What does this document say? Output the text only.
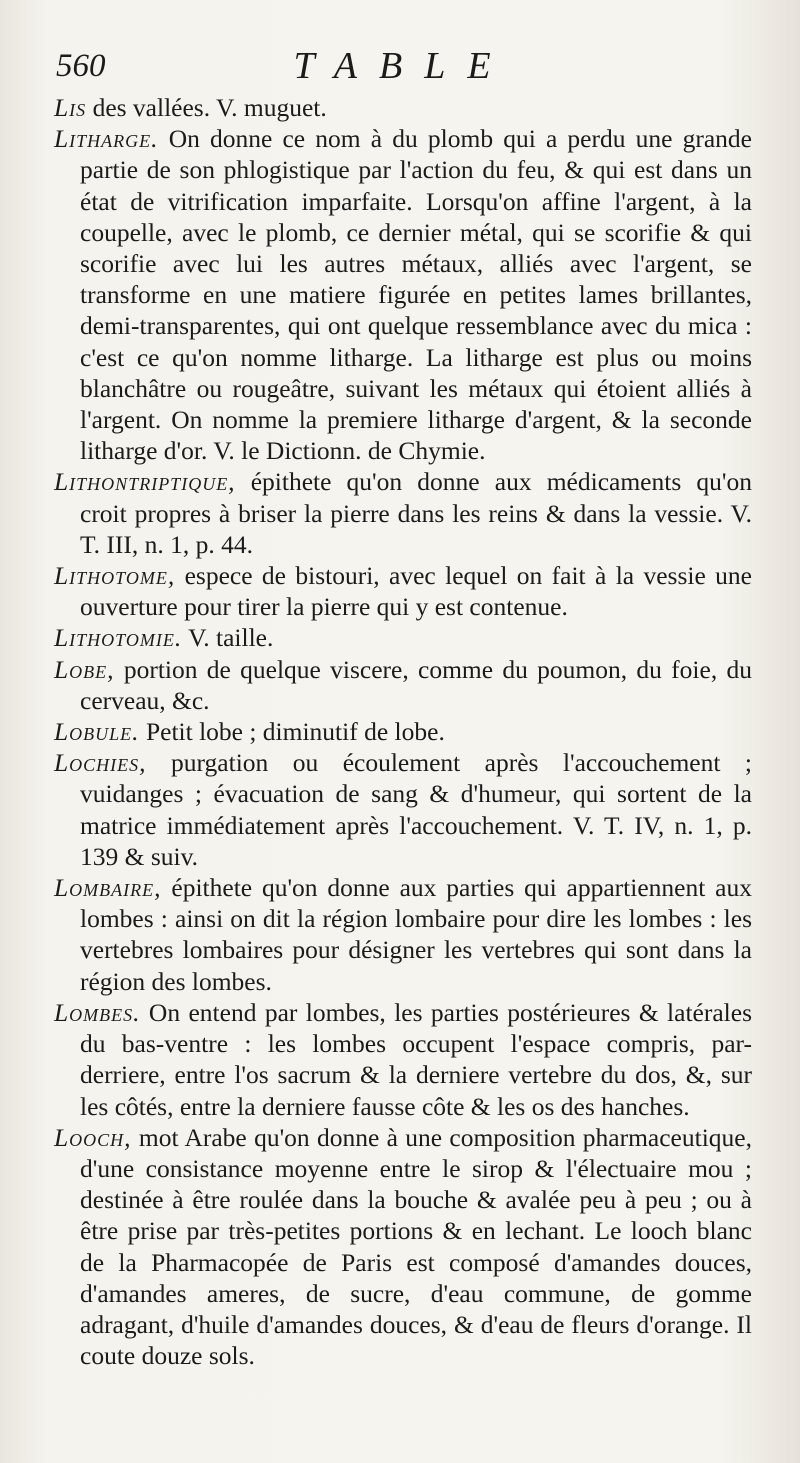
560	TABLE

Lis des vallées. V. muguet.

Litharge. On donne ce nom à du plomb qui a perdu une grande partie de son phlogistique par l'action du feu, & qui est dans un état de vitrification imparfaite. Lorsqu'on affine l'argent, à la coupelle, avec le plomb, ce dernier métal, qui se scorifie & qui scorifie avec lui les autres métaux, alliés avec l'argent, se transforme en une matiere figurée en petites lames brillantes, demi-transparentes, qui ont quelque ressemblance avec du mica : c'est ce qu'on nomme litharge. La litharge est plus ou moins blanchâtre ou rougeâtre, suivant les métaux qui étoient alliés à l'argent. On nomme la premiere litharge d'argent, & la seconde litharge d'or. V. le Dictionn. de Chymie.

Lithontriptique, épithete qu'on donne aux médicaments qu'on croit propres à briser la pierre dans les reins & dans la vessie. V. T. III, n. 1, p. 44.

Lithotome, espece de bistouri, avec lequel on fait à la vessie une ouverture pour tirer la pierre qui y est contenue.

Lithotomie. V. taille.

Lobe, portion de quelque viscere, comme du poumon, du foie, du cerveau, &c.

Lobule. Petit lobe ; diminutif de lobe.

Lochies, purgation ou écoulement après l'accouchement ; vuidanges ; évacuation de sang & d'humeur, qui sortent de la matrice immédiatement après l'accouchement. V. T. IV, n. 1, p. 139 & suiv.

Lombaire, épithete qu'on donne aux parties qui appartiennent aux lombes : ainsi on dit la région lombaire pour dire les lombes : les vertebres lombaires pour désigner les vertebres qui sont dans la région des lombes.

Lombes. On entend par lombes, les parties postérieures & latérales du bas-ventre : les lombes occupent l'espace compris, par-derriere, entre l'os sacrum & la derniere vertebre du dos, &, sur les côtés, entre la derniere fausse côte & les os des hanches.

Looch, mot Arabe qu'on donne à une composition pharmaceutique, d'une consistance moyenne entre le sirop & l'électuaire mou ; destinée à être roulée dans la bouche & avalée peu à peu ; ou à être prise par très-petites portions & en lechant. Le looch blanc de la Pharmacopée de Paris est composé d'amandes douces, d'amandes ameres, de sucre, d'eau commune, de gomme adragant, d'huile d'amandes douces, & d'eau de fleurs d'orange. Il coute douze sols.
